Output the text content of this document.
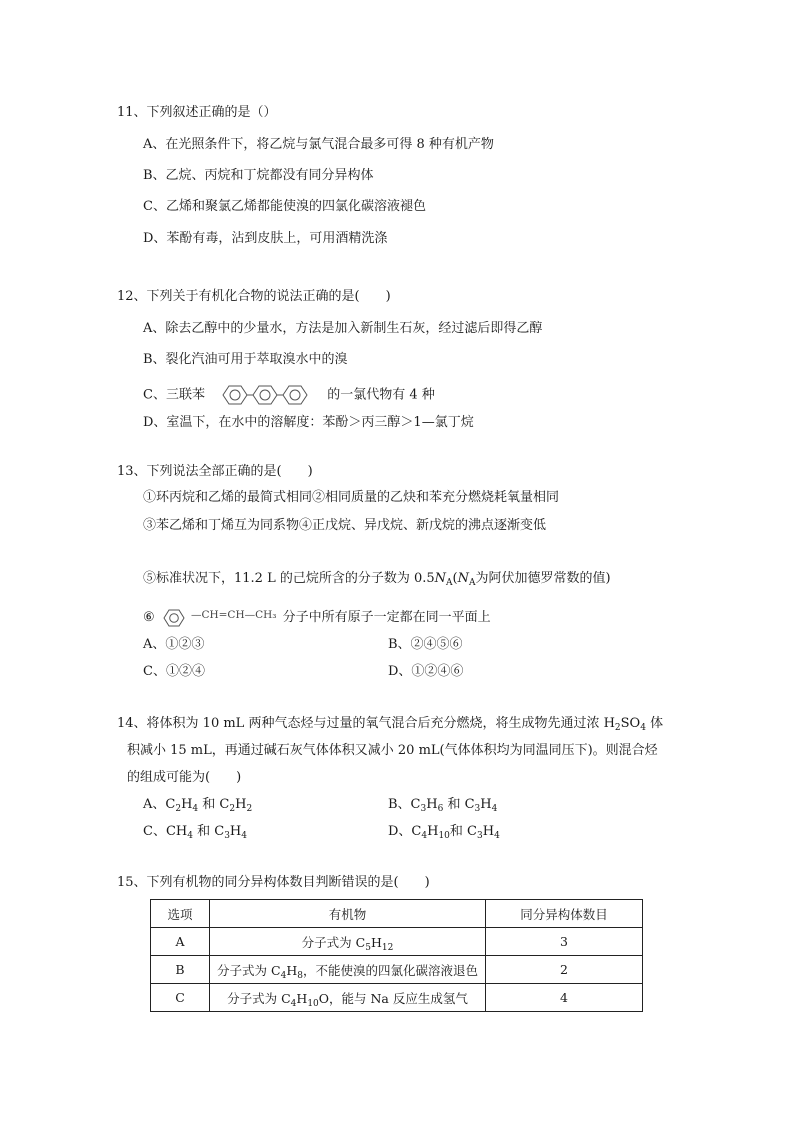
11、下列叙述正确的是（）
A、在光照条件下，将乙烷与氯气混合最多可得 8 种有机产物
B、乙烷、丙烷和丁烷都没有同分异构体
C、乙烯和聚氯乙烯都能使溴的四氯化碳溶液褪色
D、苯酚有毒，沾到皮肤上，可用酒精洗涤
12、下列关于有机化合物的说法正确的是(　　)
A、除去乙醇中的少量水，方法是加入新制生石灰，经过滤后即得乙醇
B、裂化汽油可用于萃取溴水中的溴
C、三联苯	的一氯代物有 4 种
D、室温下，在水中的溶解度：苯酚＞丙三醇＞1—氯丁烷
13、下列说法全部正确的是(　　)
①环丙烷和乙烯的最简式相同②相同质量的乙炔和苯充分燃烧耗氧量相同
③苯乙烯和丁烯互为同系物④正戊烷、异戊烷、新戊烷的沸点逐渐变低
⑤标准状况下，11.2 L 的己烷所含的分子数为 $0.5N_A(N_A$为阿伏加德罗常数的值)
⑥	$^{—CH=CH—CH_3}$ 分子中所有原子一定都在同一平面上
A、①②③	B、②④⑤⑥
C、①②④	D、①②④⑥
14、将体积为 10 mL 两种气态烃与过量的氧气混合后充分燃烧，将生成物先通过浓 $H_2SO_4$ 体
积减小 15 mL，再通过碱石灰气体体积又减小 20 mL(气体体积均为同温同压下)。则混合烃
的组成可能为(　　)
A、$C_2H_4$ 和 $C_2H_2$	B、$C_3H_6$ 和 $C_3H_4$
C、$CH_4$ 和 $C_3H_4$	D、$C_4H_{10}$和 $C_3H_4$
15、下列有机物的同分异构体数目判断错误的是(　　)
选项	有机物	同分异构体数目
A	分子式为 $C_5H_{12}$	3
B	分子式为 $C_4H_8$，不能使溴的四氯化碳溶液退色	2
C	分子式为 $C_4H_{10}O$，能与 Na 反应生成氢气	4
